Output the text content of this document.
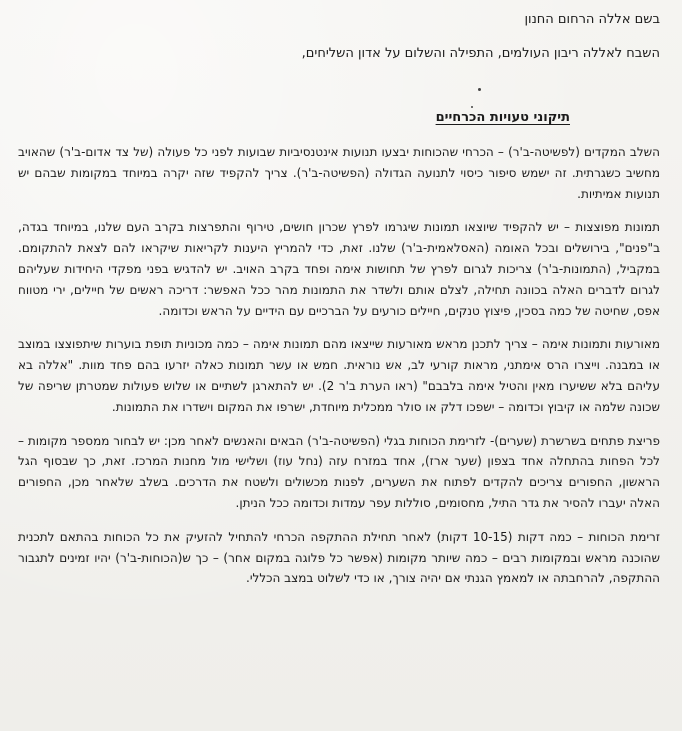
בשם אללה הרחום החנון

השבח לאללה ריבון העולמים, התפילה והשלום על אדון השליחים,

תיקוני טעויות הכרחיים

השלב המקדים (לפשיטה-ב'ר) – הכרחי שהכוחות יבצעו תנועות אינטנסיביות שבועות לפני כל פעולה (של צד אדום-ב'ר) שהאויב מחשיב כשגרתית. זה ישמש סיפור כיסוי לתנועה הגדולה (הפשיטה-ב'ר). צריך להקפיד שזה יקרה במיוחד במקומות שבהם יש תנועות אמיתיות.

תמונות מפוצצות – יש להקפיד שיוצאו תמונות שיגרמו לפרץ שכרון חושים, טירוף והתפרצות בקרב העם שלנו, במיוחד בגדה, ב"פנים", בירושלים ובכל האומה (האסלאמית-ב'ר) שלנו. זאת, כדי להמריץ היענות לקריאות שיקראו להם לצאת להתקומם. במקביל, (התמונות-ב'ר) צריכות לגרום לפרץ של תחושות אימה ופחד בקרב האויב. יש להדגיש בפני מפקדי היחידות שעליהם לגרום לדברים האלה בכוונה תחילה, לצלם אותם ולשדר את התמונות מהר ככל האפשר: דריכה ראשים של חיילים, ירי מטווח אפס, שחיטה של כמה בסכין, פיצוץ טנקים, חיילים כורעים על הברכיים עם הידיים על הראש וכדומה.

מאורעות ותמונות אימה – צריך לתכנן מראש מאורעות שייצאו מהם תמונות אימה – כמה מכוניות תופת בוערות שיתפוצצו במוצב או במבנה. וייצרו הרס אימתני, מראות קורעי לב, אש נוראית. חמש או עשר תמונות כאלה יזרעו בהם פחד מוות. "אללה בא עליהם בלא ששיערו מאין והטיל אימה בלבבם" (ראו הערת ב'ר 2). יש להתארגן לשתיים או שלוש פעולות שמטרתן שריפה של שכונה שלמה או קיבוץ וכדומה – ישפכו דלק או סולר ממכלית מיוחדת, ישרפו את המקום וישדרו את התמונות.

פריצת פתחים בשרשרת (שערים)- לזרימת הכוחות בגלי (הפשיטה-ב'ר) הבאים והאנשים לאחר מכן: יש לבחור ממספר מקומות – לכל הפחות בהתחלה אחד בצפון (שער ארז), אחד במזרח עזה (נחל עוז) ושלישי מול מחנות המרכז. זאת, כך שבסוף הגל הראשון, החפורים צריכים להקדים לפתוח את השערים, לפנות מכשולים ולשטח את הדרכים. בשלב שלאחר מכן, החפורים האלה יעברו להסיר את גדר התיל, מחסומים, סוללות עפר עמדות וכדומה ככל הניתן.

זרימת הכוחות – כמה דקות (10-15 דקות) לאחר תחילת ההתקפה הכרחי להתחיל להזעיק את כל הכוחות בהתאם לתכנית שהוכנה מראש ובמקומות רבים – כמה שיותר מקומות (אפשר כל פלוגה במקום אחר) – כך ש(הכוחות-ב'ר) יהיו זמינים לתגבור ההתקפה, להרחבתה או למאמץ הגנתי אם יהיה צורך, או כדי לשלוט במצב הכללי.
